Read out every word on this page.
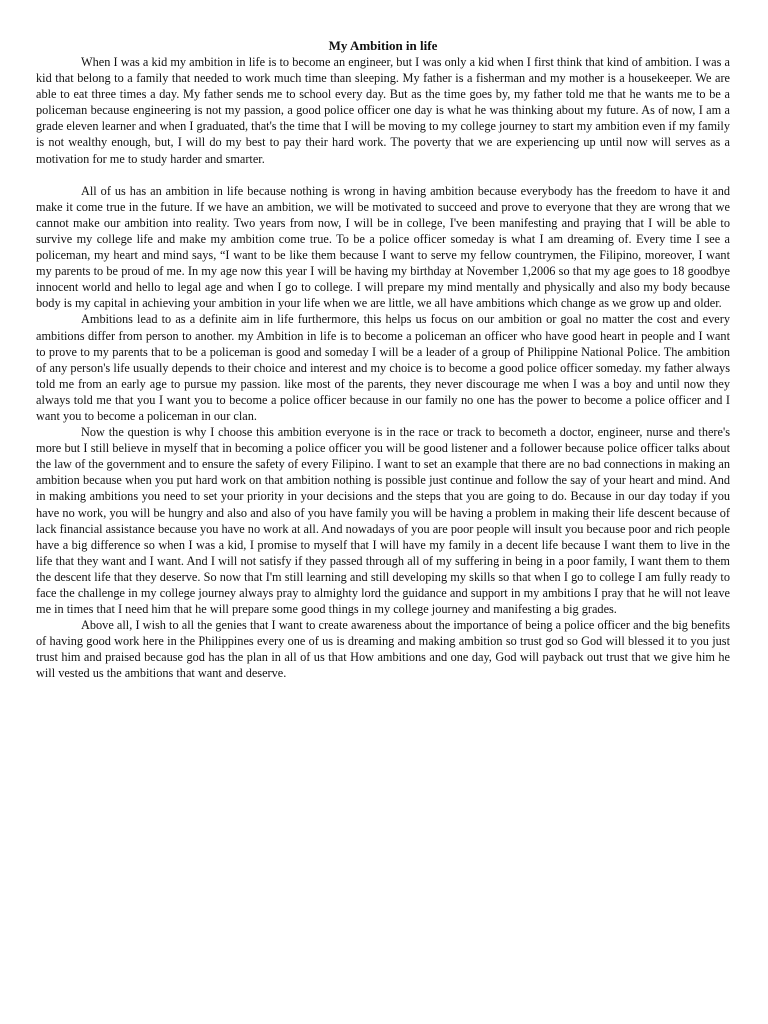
My Ambition in life

When I was a kid my ambition in life is to become an engineer, but I was only a kid when I first think that kind of ambition. I was a kid that belong to a family that needed to work much time than sleeping. My father is a fisherman and my mother is a housekeeper. We are able to eat three times a day. My father sends me to school every day. But as the time goes by, my father told me that he wants me to be a policeman because engineering is not my passion, a good police officer one day is what he was thinking about my future. As of now, I am a grade eleven learner and when I graduated, that's the time that I will be moving to my college journey to start my ambition even if my family is not wealthy enough, but, I will do my best to pay their hard work. The poverty that we are experiencing up until now will serves as a motivation for me to study harder and smarter.

All of us has an ambition in life because nothing is wrong in having ambition because everybody has the freedom to have it and make it come true in the future. If we have an ambition, we will be motivated to succeed and prove to everyone that they are wrong that we cannot make our ambition into reality. Two years from now, I will be in college, I've been manifesting and praying that I will be able to survive my college life and make my ambition come true. To be a police officer someday is what I am dreaming of. Every time I see a policeman, my heart and mind says, “I want to be like them because I want to serve my fellow countrymen, the Filipino, moreover, I want my parents to be proud of me. In my age now this year I will be having my birthday at November 1,2006 so that my age goes to 18 goodbye innocent world and hello to legal age and when I go to college. I will prepare my mind mentally and physically and also my body because body is my capital in achieving your ambition in your life when we are little, we all have ambitions which change as we grow up and older.

Ambitions lead to as a definite aim in life furthermore, this helps us focus on our ambition or goal no matter the cost and every ambitions differ from person to another. my Ambition in life is to become a policeman an officer who have good heart in people and I want to prove to my parents that to be a policeman is good and someday I will be a leader of a group of Philippine National Police. The ambition of any person's life usually depends to their choice and interest and my choice is to become a good police officer someday. my father always told me from an early age to pursue my passion. like most of the parents, they never discourage me when I was a boy and until now they always told me that you I want you to become a police officer because in our family no one has the power to become a police officer and I want you to become a policeman in our clan.

Now the question is why I choose this ambition everyone is in the race or track to becometh a doctor, engineer, nurse and there's more but I still believe in myself that in becoming a police officer you will be good listener and a follower because police officer talks about the law of the government and to ensure the safety of every Filipino. I want to set an example that there are no bad connections in making an ambition because when you put hard work on that ambition nothing is possible just continue and follow the say of your heart and mind. And in making ambitions you need to set your priority in your decisions and the steps that you are going to do. Because in our day today if you have no work, you will be hungry and also and also of you have family you will be having a problem in making their life descent because of lack financial assistance because you have no work at all. And nowadays of you are poor people will insult you because poor and rich people have a big difference so when I was a kid, I promise to myself that I will have my family in a decent life because I want them to live in the life that they want and I want. And I will not satisfy if they passed through all of my suffering in being in a poor family, I want them to them the descent life that they deserve. So now that I'm still learning and still developing my skills so that when I go to college I am fully ready to face the challenge in my college journey always pray to almighty lord the guidance and support in my ambitions I pray that he will not leave me in times that I need him that he will prepare some good things in my college journey and manifesting a big grades.

Above all, I wish to all the genies that I want to create awareness about the importance of being a police officer and the big benefits of having good work here in the Philippines every one of us is dreaming and making ambition so trust god so God will blessed it to you just trust him and praised because god has the plan in all of us that How ambitions and one day, God will payback out trust that we give him he will vested us the ambitions that want and deserve.
